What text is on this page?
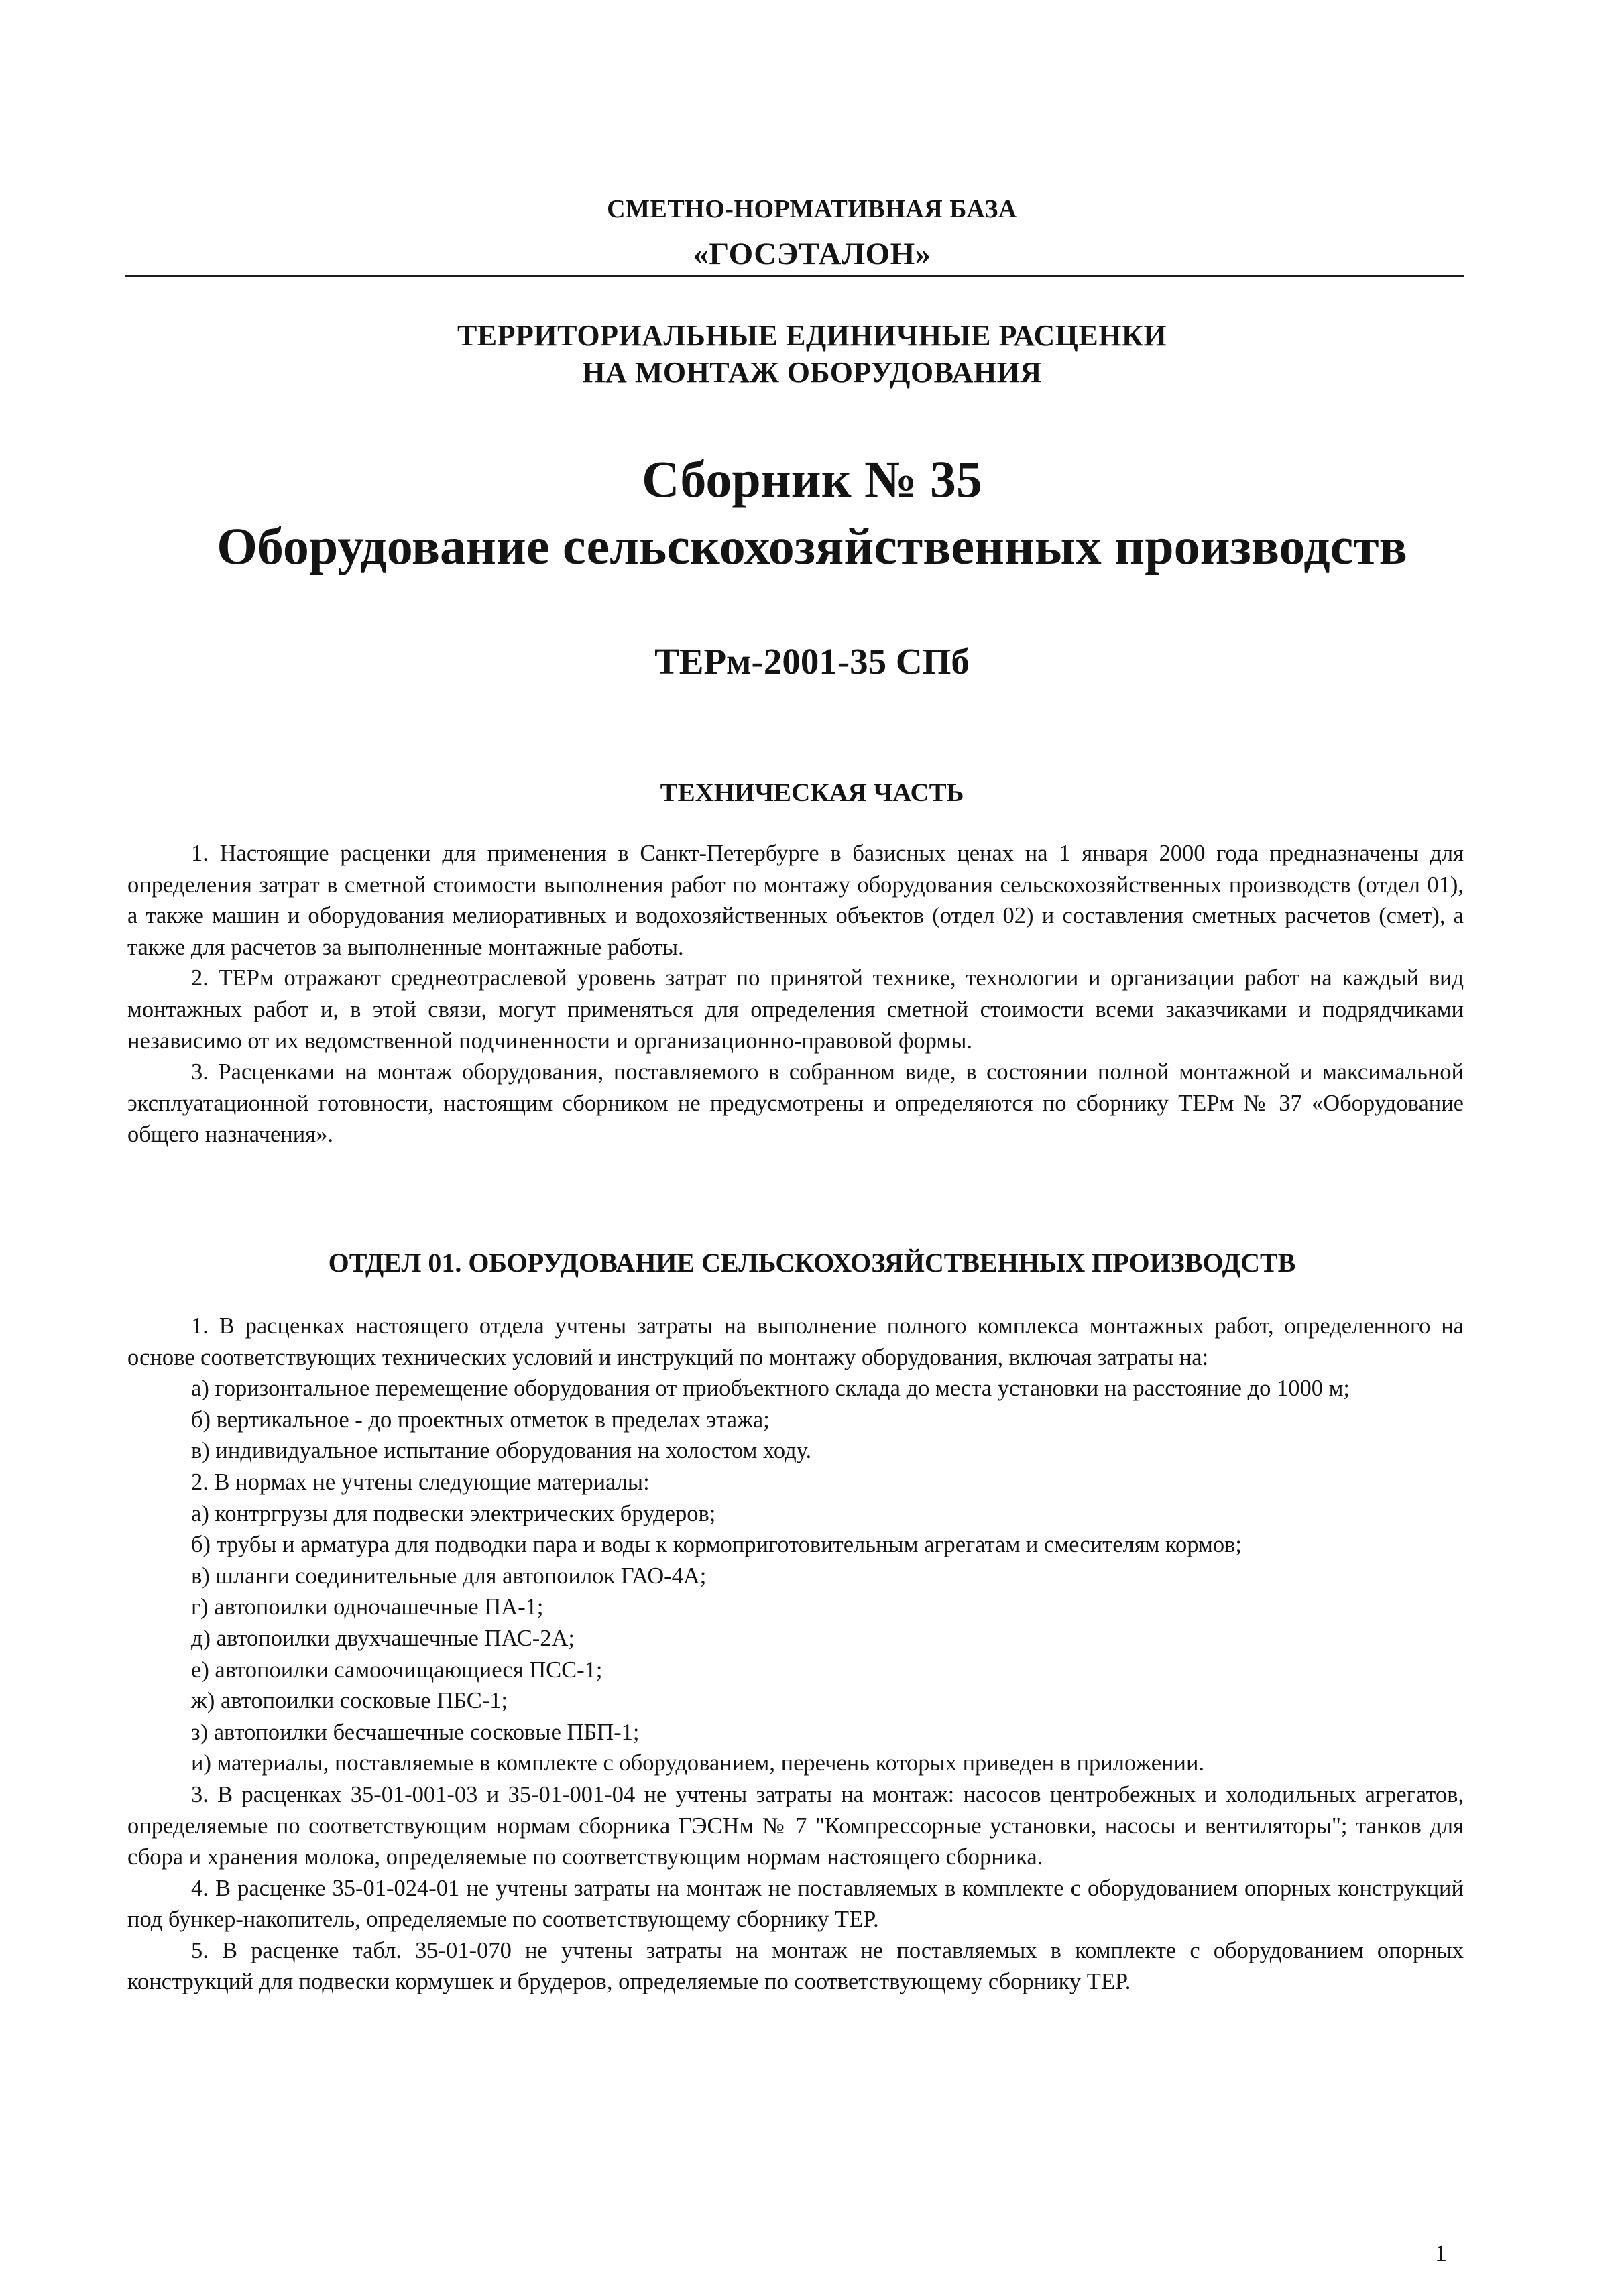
СМЕТНО-НОРМАТИВНАЯ БАЗА
«ГОСЭТАЛОН»
ТЕРРИТОРИАЛЬНЫЕ ЕДИНИЧНЫЕ РАСЦЕНКИ
НА МОНТАЖ ОБОРУДОВАНИЯ
Сборник № 35
Оборудование сельскохозяйственных производств
ТЕРм-2001-35 СПб
ТЕХНИЧЕСКАЯ ЧАСТЬ

1. Настоящие расценки для применения в Санкт-Петербурге в базисных ценах на 1 января 2000 года предназначены для определения затрат в сметной стоимости выполнения работ по монтажу оборудования сельскохозяйственных производств (отдел 01), а также машин и оборудования мелиоративных и водохозяйственных объектов (отдел 02) и составления сметных расчетов (смет), а также для расчетов за выполненные монтажные работы.

2. ТЕРм отражают среднеотраслевой уровень затрат по принятой технике, технологии и организации работ на каждый вид монтажных работ и, в этой связи, могут применяться для определения сметной стоимости всеми заказчиками и подрядчиками независимо от их ведомственной подчиненности и организационно-правовой формы.

3. Расценками на монтаж оборудования, поставляемого в собранном виде, в состоянии полной монтажной и максимальной эксплуатационной готовности, настоящим сборником не предусмотрены и определяются по сборнику ТЕРм № 37 «Оборудование общего назначения».

ОТДЕЛ 01. ОБОРУДОВАНИЕ СЕЛЬСКОХОЗЯЙСТВЕННЫХ ПРОИЗВОДСТВ

1. В расценках настоящего отдела учтены затраты на выполнение полного комплекса монтажных работ, определенного на основе соответствующих технических условий и инструкций по монтажу оборудования, включая затраты на:

а) горизонтальное перемещение оборудования от приобъектного склада до места установки на расстояние до 1000 м;

б) вертикальное - до проектных отметок в пределах этажа;

в) индивидуальное испытание оборудования на холостом ходу.

2. В нормах не учтены следующие материалы:

а) контргрузы для подвески электрических брудеров;

б) трубы и арматура для подводки пара и воды к кормоприготовительным агрегатам и смесителям кормов;

в) шланги соединительные для автопоилок ГАО-4А;

г) автопоилки одночашечные ПА-1;

д) автопоилки двухчашечные ПАС-2А;

е) автопоилки самоочищающиеся ПСС-1;

ж) автопоилки сосковые ПБС-1;

з) автопоилки бесчашечные сосковые ПБП-1;

и) материалы, поставляемые в комплекте с оборудованием, перечень которых приведен в приложении.

3. В расценках 35-01-001-03 и 35-01-001-04 не учтены затраты на монтаж: насосов центробежных и холодильных агрегатов, определяемые по соответствующим нормам сборника ГЭСНм № 7 "Компрессорные установки, насосы и вентиляторы"; танков для сбора и хранения молока, определяемые по соответствующим нормам настоящего сборника.

4. В расценке 35-01-024-01 не учтены затраты на монтаж не поставляемых в комплекте с оборудованием опорных конструкций под бункер-накопитель, определяемые по соответствующему сборнику ТЕР.

5. В расценке табл. 35-01-070 не учтены затраты на монтаж не поставляемых в комплекте с оборудованием опорных конструкций для подвески кормушек и брудеров, определяемые по соответствующему сборнику ТЕР.

1
